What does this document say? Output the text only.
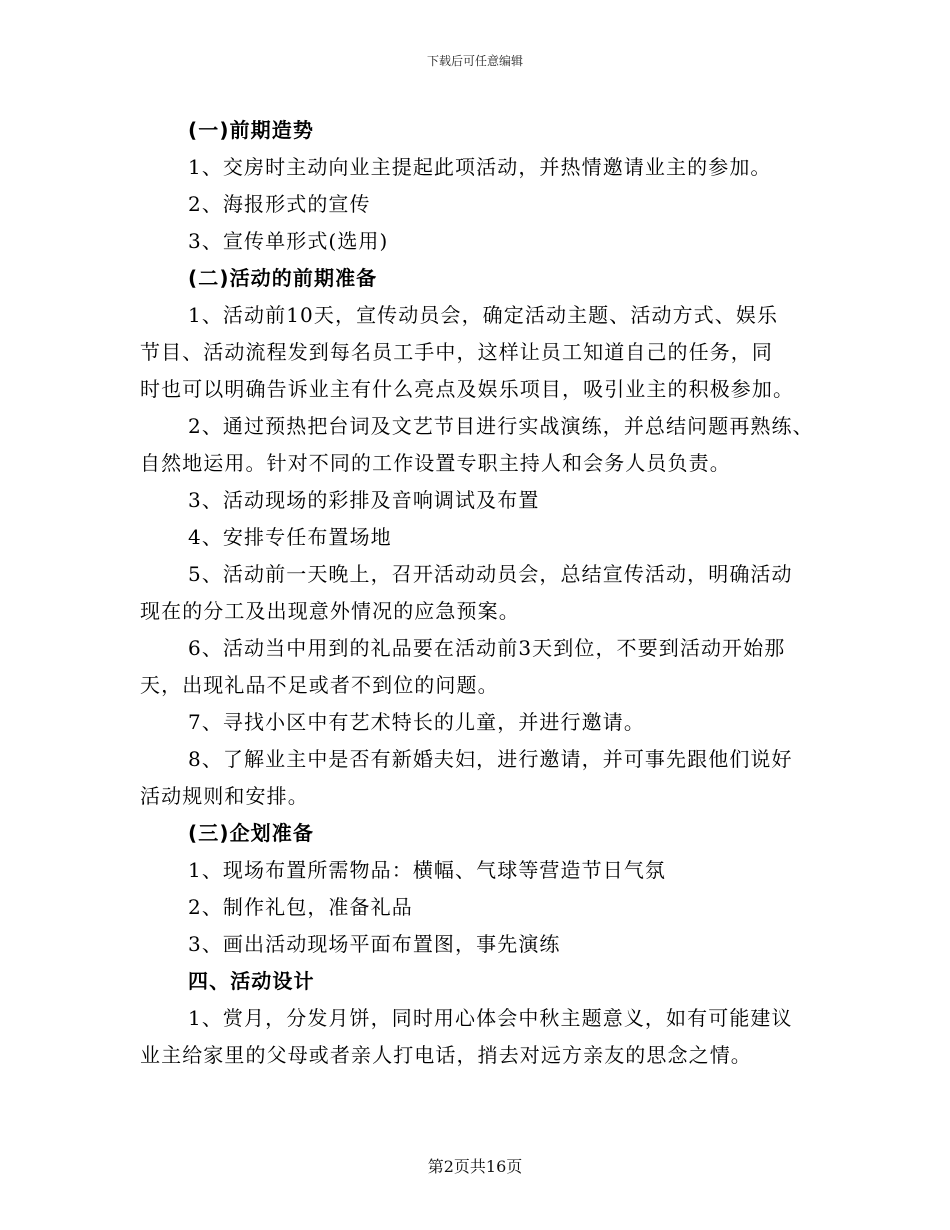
下载后可任意编辑
(一)前期造势
1、交房时主动向业主提起此项活动，并热情邀请业主的参加。
2、海报形式的宣传
3、宣传单形式(选用)
(二)活动的前期准备
1、活动前10天，宣传动员会，确定活动主题、活动方式、娱乐
节目、活动流程发到每名员工手中，这样让员工知道自己的任务，同
时也可以明确告诉业主有什么亮点及娱乐项目，吸引业主的积极参加。
2、通过预热把台词及文艺节目进行实战演练，并总结问题再熟练、
自然地运用。针对不同的工作设置专职主持人和会务人员负责。
3、活动现场的彩排及音响调试及布置
4、安排专任布置场地
5、活动前一天晚上，召开活动动员会，总结宣传活动，明确活动
现在的分工及出现意外情况的应急预案。
6、活动当中用到的礼品要在活动前3天到位，不要到活动开始那
天，出现礼品不足或者不到位的问题。
7、寻找小区中有艺术特长的儿童，并进行邀请。
8、了解业主中是否有新婚夫妇，进行邀请，并可事先跟他们说好
活动规则和安排。
(三)企划准备
1、现场布置所需物品：横幅、气球等营造节日气氛
2、制作礼包，准备礼品
3、画出活动现场平面布置图，事先演练
四、活动设计
1、赏月，分发月饼，同时用心体会中秋主题意义，如有可能建议
业主给家里的父母或者亲人打电话，捎去对远方亲友的思念之情。
第2页共16页
